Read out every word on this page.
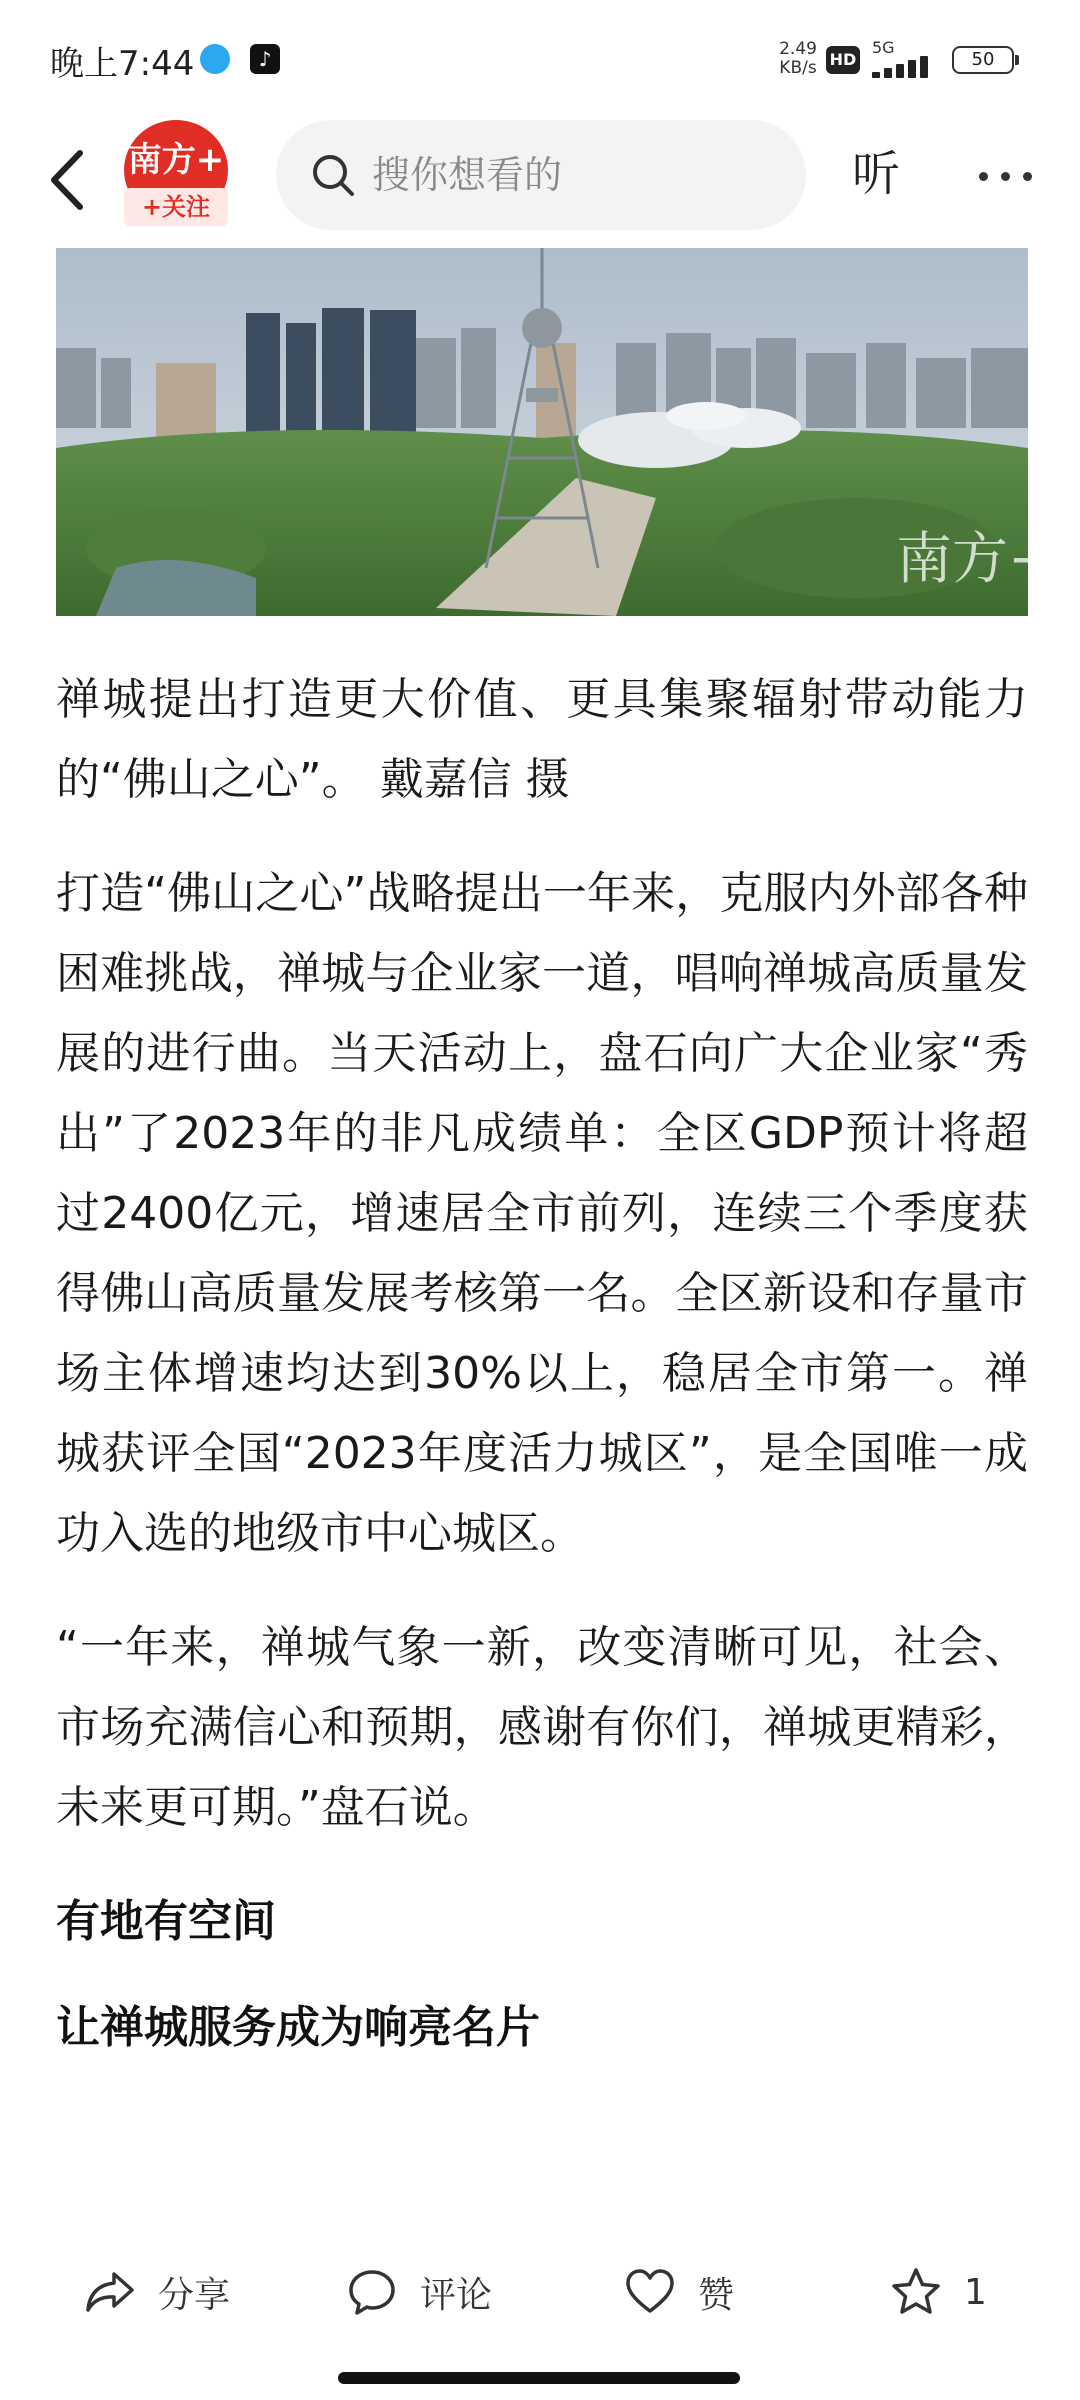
晚上7:44	♪	2.49
KB/s HD
5G
50
南方+
+关注
搜你想看的	听
南方+

禅城提出打造更大价值、更具集聚辐射带动能力的“佛山之心”。 戴嘉信 摄

打造“佛山之心”战略提出一年来，克服内外部各种困难挑战，禅城与企业家一道，唱响禅城高质量发展的进行曲。当天活动上，盘石向广大企业家“秀出”了2023年的非凡成绩单：全区GDP预计将超过2400亿元，增速居全市前列，连续三个季度获得佛山高质量发展考核第一名。全区新设和存量市场主体增速均达到30%以上，稳居全市第一。禅城获评全国“2023年度活力城区”，是全国唯一成功入选的地级市中心城区。

“一年来，禅城气象一新，改变清晰可见，社会、市场充满信心和预期，感谢有你们，禅城更精彩，未来更可期。”盘石说。

有地有空间
让禅城服务成为响亮名片
分享	评论	赞	1
